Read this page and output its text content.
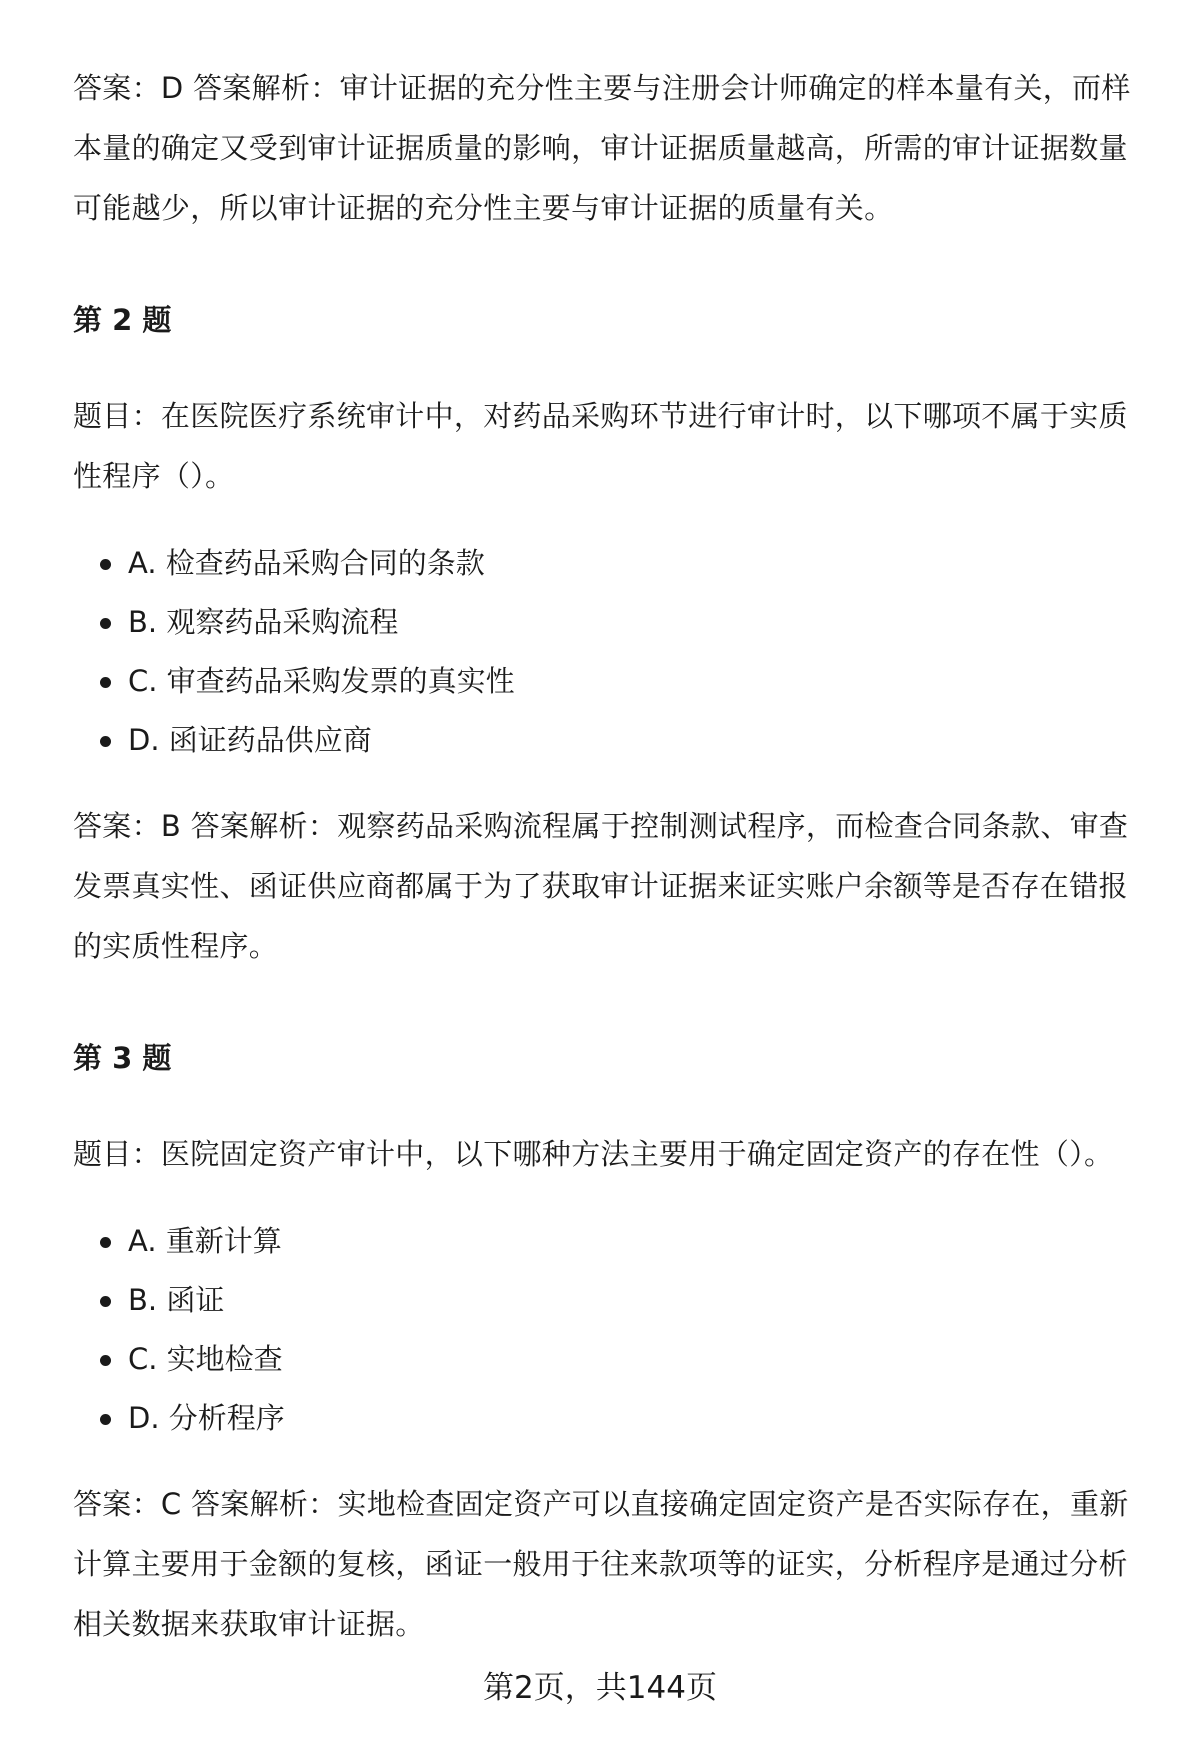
答案：D 答案解析：审计证据的充分性主要与注册会计师确定的样本量有关，而样本量的确定又受到审计证据质量的影响，审计证据质量越高，所需的审计证据数量可能越少，所以审计证据的充分性主要与审计证据的质量有关。

第 2 题

题目：在医院医疗系统审计中，对药品采购环节进行审计时，以下哪项不属于实质性程序（）。

A. 检查药品采购合同的条款
B. 观察药品采购流程
C. 审查药品采购发票的真实性
D. 函证药品供应商

答案：B 答案解析：观察药品采购流程属于控制测试程序，而检查合同条款、审查发票真实性、函证供应商都属于为了获取审计证据来证实账户余额等是否存在错报的实质性程序。

第 3 题

题目：医院固定资产审计中，以下哪种方法主要用于确定固定资产的存在性（）。

A. 重新计算
B. 函证
C. 实地检查
D. 分析程序

答案：C 答案解析：实地检查固定资产可以直接确定固定资产是否实际存在，重新计算主要用于金额的复核，函证一般用于往来款项等的证实，分析程序是通过分析相关数据来获取审计证据。

第2页，共144页
